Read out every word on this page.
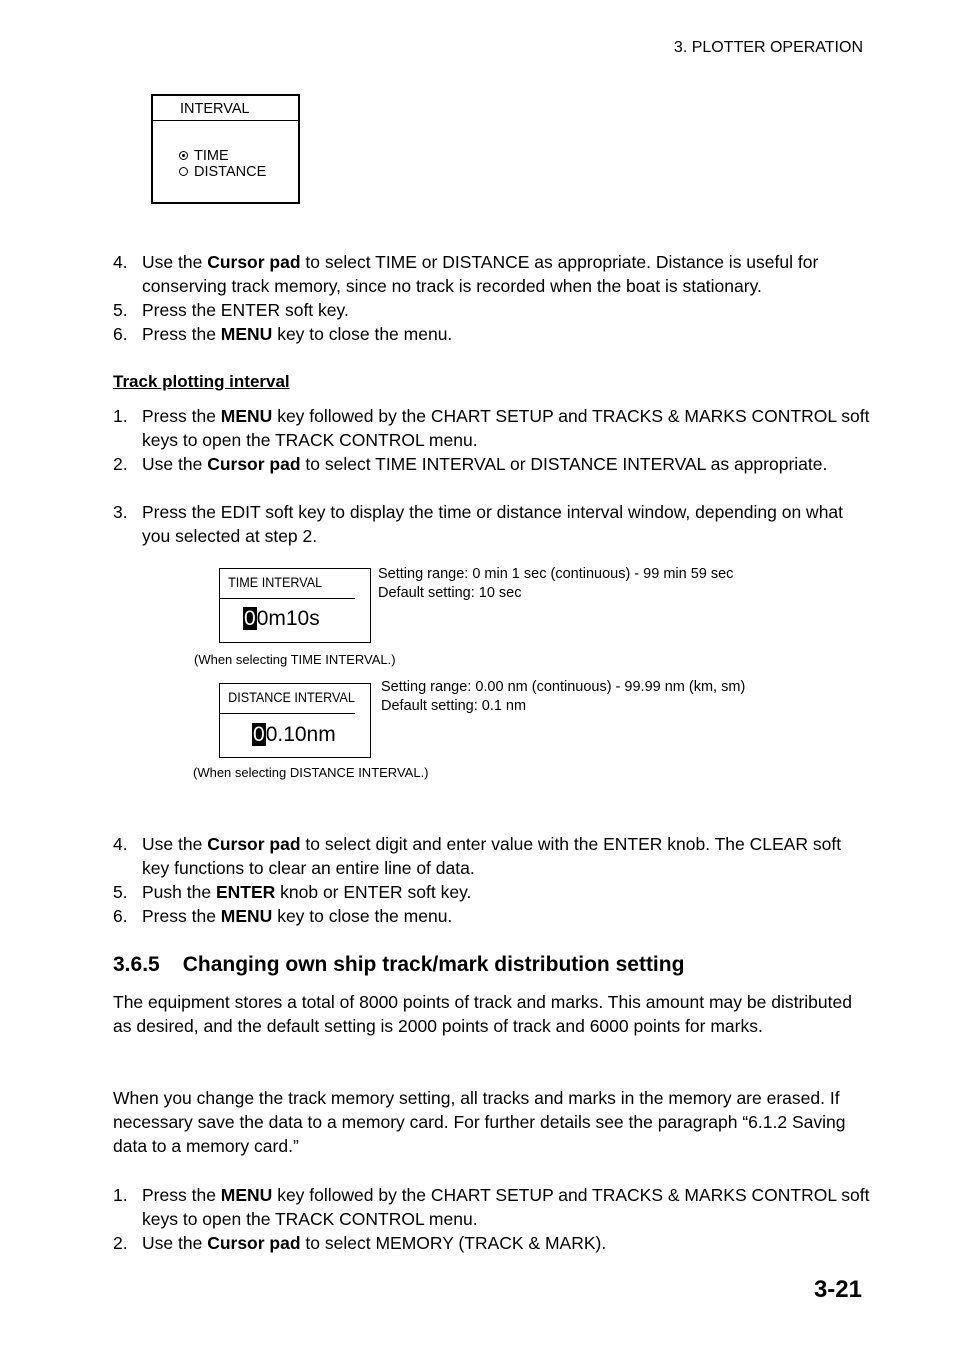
3. PLOTTER OPERATION
INTERVAL
TIME
DISTANCE
4. Use the Cursor pad to select TIME or DISTANCE as appropriate. Distance is useful for conserving track memory, since no track is recorded when the boat is stationary.
5. Press the ENTER soft key.
6. Press the MENU key to close the menu.
Track plotting interval
1. Press the MENU key followed by the CHART SETUP and TRACKS & MARKS CONTROL soft keys to open the TRACK CONTROL menu.
2. Use the Cursor pad to select TIME INTERVAL or DISTANCE INTERVAL as appropriate.
3. Press the EDIT soft key to display the time or distance interval window, depending on what you selected at step 2.
TIME INTERVAL
00m10s
Setting range: 0 min 1 sec (continuous) - 99 min 59 sec
Default setting: 10 sec
(When selecting TIME INTERVAL.)
DISTANCE INTERVAL
00.10nm
Setting range: 0.00 nm (continuous) - 99.99 nm (km, sm)
Default setting: 0.1 nm
(When selecting DISTANCE INTERVAL.)
4. Use the Cursor pad to select digit and enter value with the ENTER knob. The CLEAR soft key functions to clear an entire line of data.
5. Push the ENTER knob or ENTER soft key.
6. Press the MENU key to close the menu.
3.6.5 Changing own ship track/mark distribution setting
The equipment stores a total of 8000 points of track and marks. This amount may be distributed as desired, and the default setting is 2000 points of track and 6000 points for marks.
When you change the track memory setting, all tracks and marks in the memory are erased. If necessary save the data to a memory card. For further details see the paragraph “6.1.2 Saving data to a memory card.”
1. Press the MENU key followed by the CHART SETUP and TRACKS & MARKS CONTROL soft keys to open the TRACK CONTROL menu.
2. Use the Cursor pad to select MEMORY (TRACK & MARK).
3-21
